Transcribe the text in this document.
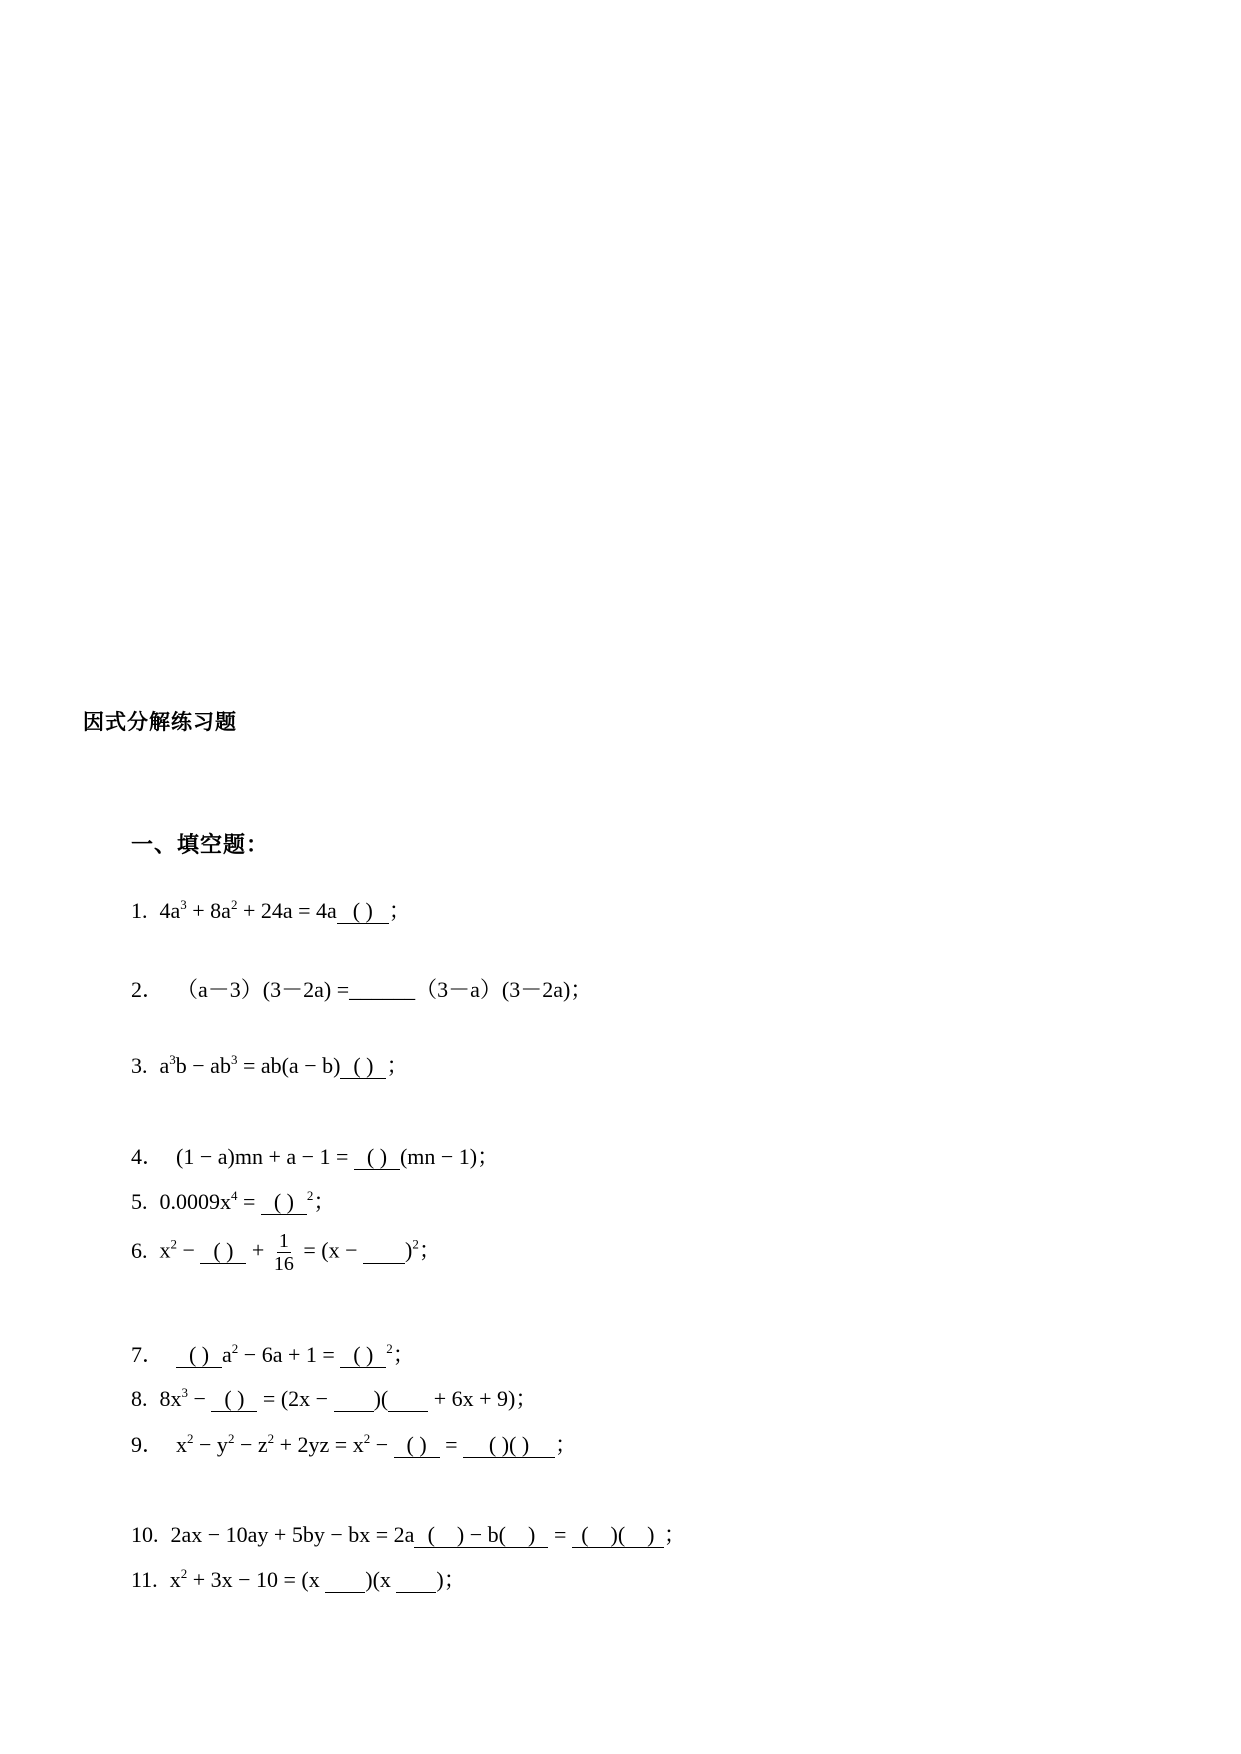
因式分解练习题
一、填空题：
1. $4a^3 + 8a^2 + 24a = 4a$ ( ) ；
2． （a－3）(3－2a) =______（3－a）(3－2a)；
3. $a^3b - ab^3 = ab(a - b)$ ( ) ；
4． (1 − a)mn + a − 1 = ( ) (mn − 1)；
5. $0.0009x^4$ = ( ) $^2$；
6. $x^2$ − ( ) + $\frac{1}{16} = (x$ −      )$^2$；
7． ( ) $a^2 - 6a + 1$ = ( ) $^2$；
8. $8x^3$ − ( ) = (2x −      )(      + 6x + 9)；
9． $x^2 - y^2 - z^2 + 2yz = x^2$ − ( ) = ( )( ) ；
10. 2ax − 10ay + 5by − bx = 2a (    ) − b(    ) = (    )(    ) ；
11. $x^2 + 3x - 10 = (x$      )(x      )；
